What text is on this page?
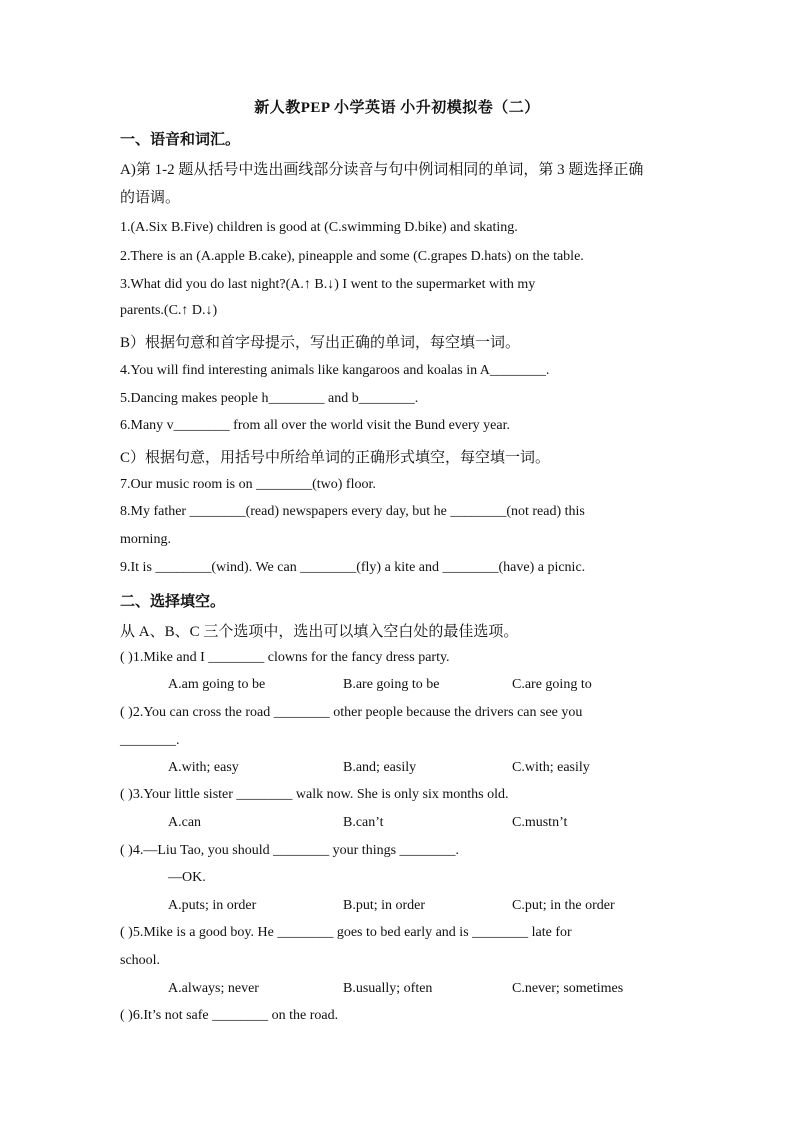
新人教PEP 小学英语 小升初模拟卷（二）
一、语音和词汇。
A)第 1-2 题从括号中选出画线部分读音与句中例词相同的单词，第 3 题选择正确
的语调。
1.(A.Six B.Five) children is good at (C.swimming D.bike) and skating.
2.There is an (A.apple B.cake), pineapple and some (C.grapes D.hats) on the table.
3.What did you do last night?(A.↑ B.↓) I went to the supermarket with my
parents.(C.↑ D.↓)
B）根据句意和首字母提示，写出正确的单词，每空填一词。
4.You will find interesting animals like kangaroos and koalas in A________.
5.Dancing makes people h________ and b________.
6.Many v________ from all over the world visit the Bund every year.
C）根据句意，用括号中所给单词的正确形式填空，每空填一词。
7.Our music room is on ________(two) floor.
8.My father ________(read) newspapers every day, but he ________(not read) this
morning.
9.It is ________(wind). We can ________(fly) a kite and ________(have) a picnic.
二、选择填空。
从 A、B、C 三个选项中，选出可以填入空白处的最佳选项。
( )1.Mike and I ________ clowns for the fancy dress party.
A.am going to be	B.are going to be	C.are going to
( )2.You can cross the road ________ other people because the drivers can see you
________.
A.with; easy	B.and; easily	C.with; easily
( )3.Your little sister ________ walk now. She is only six months old.
A.can	B.can’t	C.mustn’t
( )4.—Liu Tao, you should ________ your things ________.
—OK.
A.puts; in order	B.put; in order	C.put; in the order
( )5.Mike is a good boy. He ________ goes to bed early and is ________ late for
school.
A.always; never	B.usually; often	C.never; sometimes
( )6.It’s not safe ________ on the road.
